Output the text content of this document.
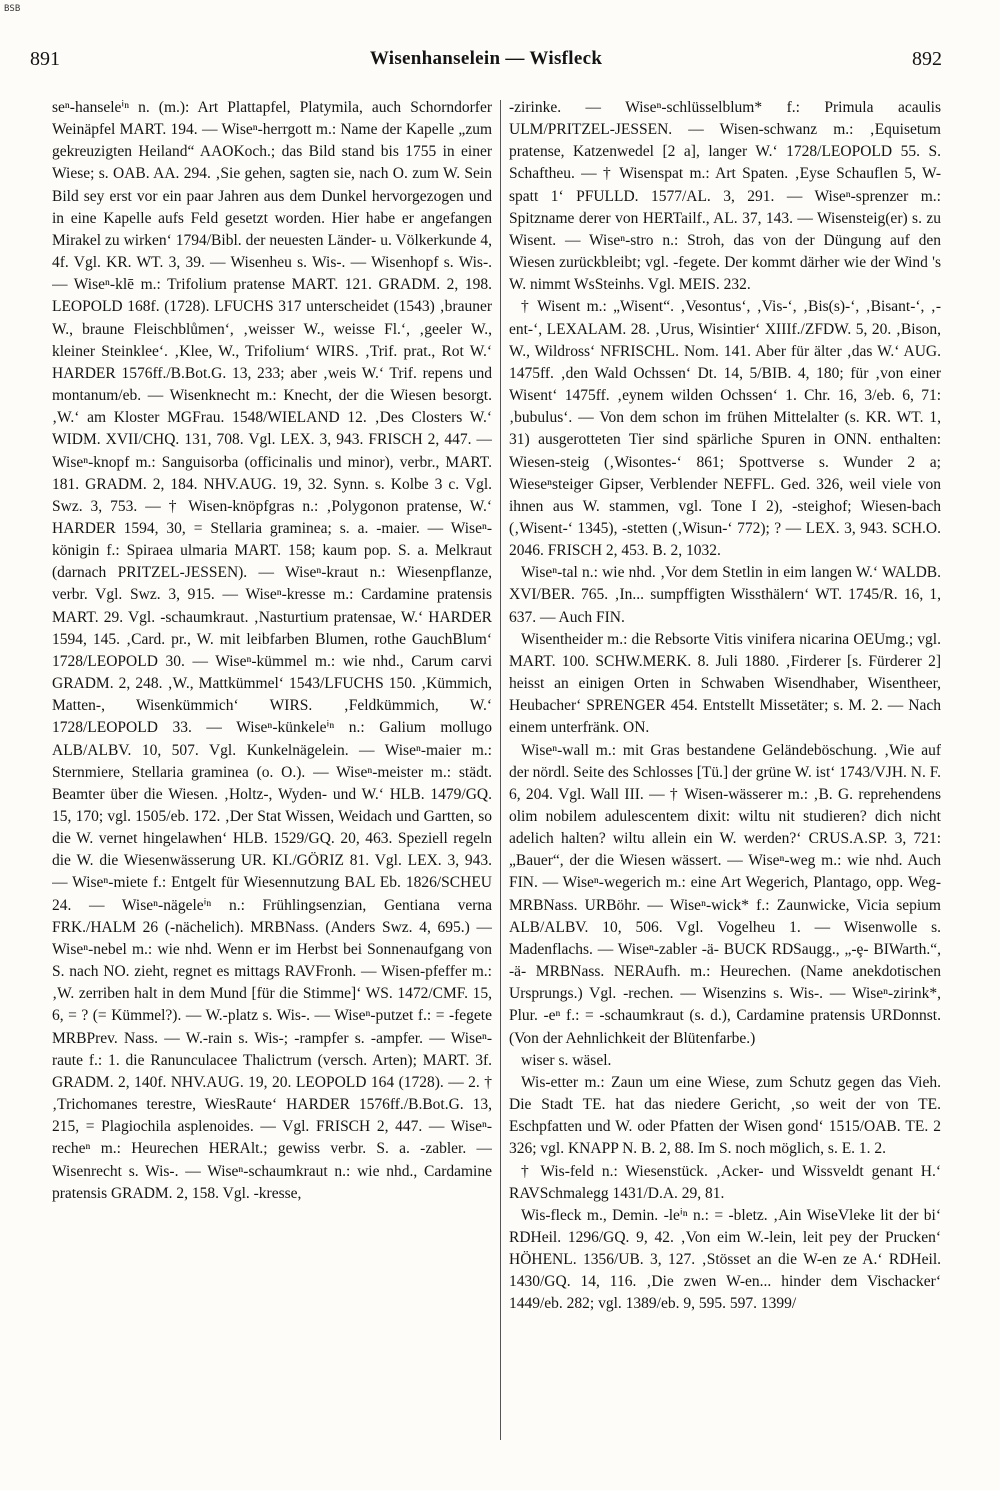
BSB
891	Wisenhanselein — Wisfleck	892

seⁿ-hanseleⁱⁿ n. (m.): Art Plattapfel, Platymila, auch Schorndorfer Weinäpfel MART. 194. — Wiseⁿ-herrgott m.: Name der Kapelle „zum gekreuzigten Heiland“ AAOKoch.; das Bild stand bis 1755 in einer Wiese; s. OAB. AA. 294. ‚Sie gehen, sagten sie, nach O. zum W. Sein Bild sey erst vor ein paar Jahren aus dem Dunkel hervorgezogen und in eine Kapelle aufs Feld gesetzt worden. Hier habe er angefangen Mirakel zu wirken‘ 1794/Bibl. der neuesten Länder- u. Völkerkunde 4, 4f. Vgl. KR. WT. 3, 39. — Wisenheu s. Wis-. — Wisenhopf s. Wis-. — Wiseⁿ-klē m.: Trifolium pratense MART. 121. GRADM. 2, 198. LEOPOLD 168f. (1728). LFUCHS 317 unterscheidet (1543) ‚brauner W., braune Fleischblůmen‘, ‚weisser W., weisse Fl.‘, ‚geeler W., kleiner Steinklee‘. ‚Klee, W., Trifolium‘ WIRS. ‚Trif. prat., Rot W.‘ HARDER 1576ff./B.Bot.G. 13, 233; aber ‚weis W.‘ Trif. repens und montanum/eb. — Wisenknecht m.: Knecht, der die Wiesen besorgt. ‚W.‘ am Kloster MGFrau. 1548/WIELAND 12. ‚Des Closters W.‘ WIDM. XVII/CHQ. 131, 708. Vgl. LEX. 3, 943. FRISCH 2, 447. — Wiseⁿ-knopf m.: Sanguisorba (officinalis und minor), verbr., MART. 181. GRADM. 2, 184. NHV.AUG. 19, 32. Synn. s. Kolbe 3 c. Vgl. Swz. 3, 753. — † Wisen-knöpfgras n.: ‚Polygonon pratense, W.‘ HARDER 1594, 30, = Stellaria graminea; s. a. -maier. — Wiseⁿ-königin f.: Spiraea ulmaria MART. 158; kaum pop. S. a. Melkraut (darnach PRITZEL-JESSEN). — Wiseⁿ-kraut n.: Wiesenpflanze, verbr. Vgl. Swz. 3, 915. — Wiseⁿ-kresse m.: Cardamine pratensis MART. 29. Vgl. -schaumkraut. ‚Nasturtium pratensae, W.‘ HARDER 1594, 145. ‚Card. pr., W. mit leibfarben Blumen, rothe GauchBlum‘ 1728/LEOPOLD 30. — Wiseⁿ-kümmel m.: wie nhd., Carum carvi GRADM. 2, 248. ‚W., Mattkümmel‘ 1543/LFUCHS 150. ‚Kümmich, Matten-, Wisenkümmich‘ WIRS. ‚Feldkümmich, W.‘ 1728/LEOPOLD 33. — Wiseⁿ-künkeleⁱⁿ n.: Galium mollugo ALB/ALBV. 10, 507. Vgl. Kunkelnägelein. — Wiseⁿ-maier m.: Sternmiere, Stellaria graminea (o. O.). — Wiseⁿ-meister m.: städt. Beamter über die Wiesen. ‚Holtz-, Wyden- und W.‘ HLB. 1479/GQ. 15, 170; vgl. 1505/eb. 172. ‚Der Stat Wissen, Weidach und Gartten, so die W. vernet hingelawhen‘ HLB. 1529/GQ. 20, 463. Speziell regeln die W. die Wiesenwässerung UR. KI./GÖRIZ 81. Vgl. LEX. 3, 943. — Wiseⁿ-miete f.: Entgelt für Wiesennutzung BAL Eb. 1826/SCHEU 24. — Wiseⁿ-nägeleⁱⁿ n.: Frühlingsenzian, Gentiana verna FRK./HALM 26 (-nächelich). MRBNass. (Anders Swz. 4, 695.) — Wiseⁿ-nebel m.: wie nhd. Wenn er im Herbst bei Sonnenaufgang von S. nach NO. zieht, regnet es mittags RAVFronh. — Wisen-pfeffer m.: ‚W. zerriben halt in dem Mund [für die Stimme]‘ WS. 1472/CMF. 15, 6, = ? (= Kümmel?). — W.-platz s. Wis-. — Wiseⁿ-putzet f.: = -fegete MRBPrev. Nass. — W.-rain s. Wis-; -rampfer s. -ampfer. — Wiseⁿ-raute f.: 1. die Ranunculacee Thalictrum (versch. Arten); MART. 3f. GRADM. 2, 140f. NHV.AUG. 19, 20. LEOPOLD 164 (1728). — 2. † ‚Trichomanes terestre, WiesRaute‘ HARDER 1576ff./B.Bot.G. 13, 215, = Plagiochila asplenoides. — Vgl. FRISCH 2, 447. — Wiseⁿ-recheⁿ m.: Heurechen HERAlt.; gewiss verbr. S. a. -zabler. — Wisenrecht s. Wis-. — Wiseⁿ-schaumkraut n.: wie nhd., Cardamine pratensis GRADM. 2, 158. Vgl. -kresse,

-zirinke. — Wiseⁿ-schlüsselblum* f.: Primula acaulis ULM/PRITZEL-JESSEN. — Wisen-schwanz m.: ‚Equisetum pratense, Katzenwedel [2 a], langer W.‘ 1728/LEOPOLD 55. S. Schaftheu. — † Wisenspat m.: Art Spaten. ‚Eyse Schauflen 5, W-spatt 1‘ PFULLD. 1577/AL. 3, 291. — Wiseⁿ-sprenzer m.: Spitzname derer von HERTailf., AL. 37, 143. — Wisensteig(er) s. zu Wisent. — Wiseⁿ-stro n.: Stroh, das von der Düngung auf den Wiesen zurückbleibt; vgl. -fegete. Der kommt därher wie der Wind 's W. nimmt WsSteinhs. Vgl. MEIS. 232.

† Wisent m.: „Wisent“. ‚Vesontus‘, ‚Vis-‘, ‚Bis(s)-‘, ‚Bisant-‘, ‚-ent-‘, LEXALAM. 28. ‚Urus, Wisintier‘ XIIIf./ZFDW. 5, 20. ‚Bison, W., Wildross‘ NFRISCHL. Nom. 141. Aber für älter ‚das W.‘ AUG. 1475ff. ‚den Wald Ochssen‘ Dt. 14, 5/BIB. 4, 180; für ‚von einer Wisent‘ 1475ff. ‚eynem wilden Ochssen‘ 1. Chr. 16, 3/eb. 6, 71: ‚bubulus‘. — Von dem schon im frühen Mittelalter (s. KR. WT. 1, 31) ausgerotteten Tier sind spärliche Spuren in ONN. enthalten: Wiesen-steig (‚Wisontes-‘ 861; Spottverse s. Wunder 2 a; Wieseⁿsteiger Gipser, Verblender NEFFL. Ged. 326, weil viele von ihnen aus W. stammen, vgl. Tone I 2), -steighof; Wiesen-bach (‚Wisent-‘ 1345), -stetten (‚Wisun-‘ 772); ? — LEX. 3, 943. SCH.O. 2046. FRISCH 2, 453. B. 2, 1032.

Wiseⁿ-tal n.: wie nhd. ‚Vor dem Stetlin in eim langen W.‘ WALDB. XVI/BER. 765. ‚In... sumpffigten Wissthälern‘ WT. 1745/R. 16, 1, 637. — Auch FIN.

Wisentheider m.: die Rebsorte Vitis vinifera nicarina OEUmg.; vgl. MART. 100. SCHW.MERK. 8. Juli 1880. ‚Firderer [s. Fürderer 2] heisst an einigen Orten in Schwaben Wisendhaber, Wisentheer, Heubacher‘ SPRENGER 454. Entstellt Missetäter; s. M. 2. — Nach einem unterfränk. ON.

Wiseⁿ-wall m.: mit Gras bestandene Geländeböschung. ‚Wie auf der nördl. Seite des Schlosses [Tü.] der grüne W. ist‘ 1743/VJH. N. F. 6, 204. Vgl. Wall III. — † Wisen-wässerer m.: ‚B. G. reprehendens olim nobilem adulescentem dixit: wiltu nit studieren? dich nicht adelich halten? wiltu allein ein W. werden?‘ CRUS.A.SP. 3, 721: „Bauer“, der die Wiesen wässert. — Wiseⁿ-weg m.: wie nhd. Auch FIN. — Wiseⁿ-wegerich m.: eine Art Wegerich, Plantago, opp. Weg- MRBNass. URBöhr. — Wiseⁿ-wick* f.: Zaunwicke, Vicia sepium ALB/ALBV. 10, 506. Vgl. Vogelheu 1. — Wisenwolle s. Madenflachs. — Wiseⁿ-zabler -ä- BUCK RDSaugg., „-ȩ- BIWarth.“, -ä- MRBNass. NERAufh. m.: Heurechen. (Name anekdotischen Ursprungs.) Vgl. -rechen. — Wisenzins s. Wis-. — Wiseⁿ-zirink*, Plur. -eⁿ f.: = -schaumkraut (s. d.), Cardamine pratensis URDonnst. (Von der Aehnlichkeit der Blütenfarbe.)

wiser s. wäsel.

Wis-etter m.: Zaun um eine Wiese, zum Schutz gegen das Vieh. Die Stadt TE. hat das niedere Gericht, ‚so weit der von TE. Eschpfatten und W. oder Pfatten der Wisen gond‘ 1515/OAB. TE. 2 326; vgl. KNAPP N. B. 2, 88. Im S. noch möglich, s. E. 1. 2.

† Wis-feld n.: Wiesenstück. ‚Acker- und Wissveldt genant H.‘ RAVSchmalegg 1431/D.A. 29, 81.

Wis-fleck m., Demin. -leⁱⁿ n.: = -bletz. ‚Ain WiseVleke lit der bi‘ RDHeil. 1296/GQ. 9, 42. ‚Von eim W.-lein, leit pey der Prucken‘ HÖHENL. 1356/UB. 3, 127. ‚Stösset an die W-en ze A.‘ RDHeil. 1430/GQ. 14, 116. ‚Die zwen W-en... hinder dem Vischacker‘ 1449/eb. 282; vgl. 1389/eb. 9, 595. 597. 1399/
